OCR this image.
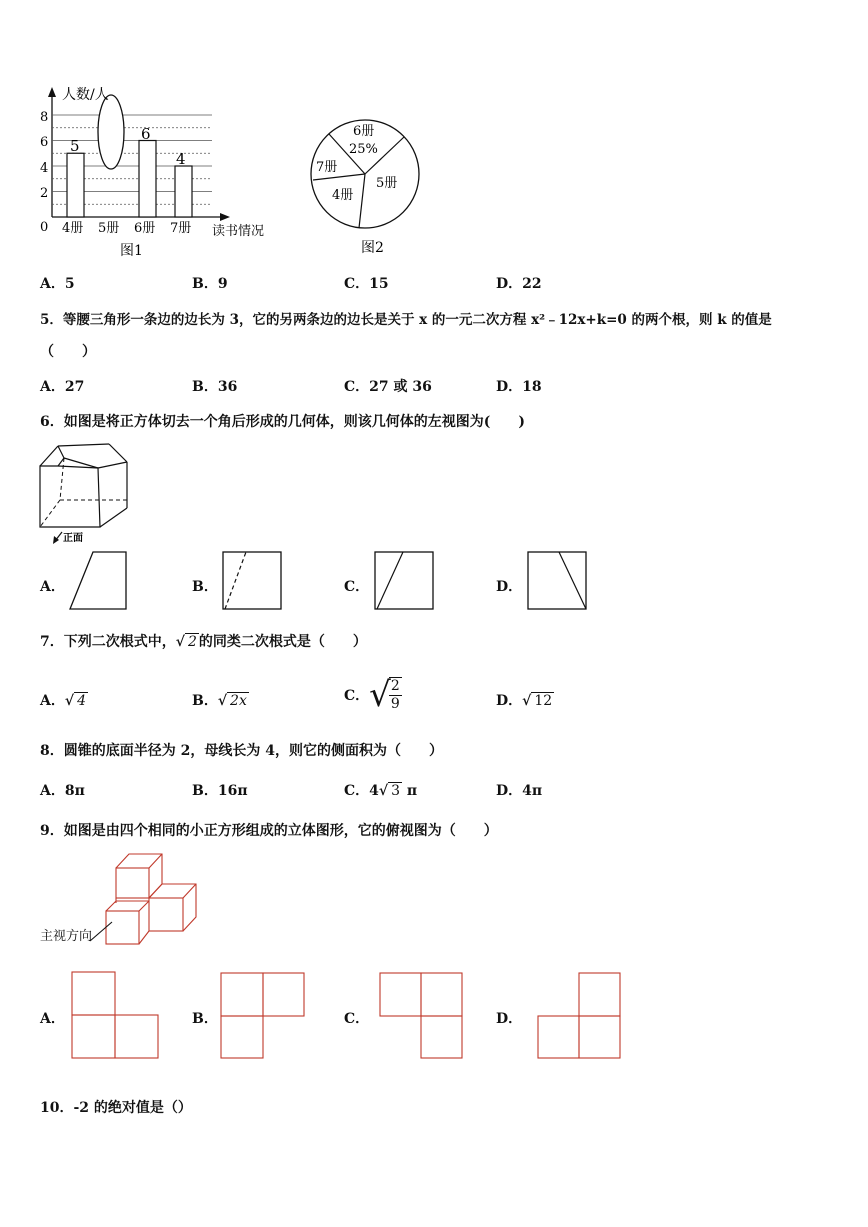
人数/人
读书情况
0
2
4
6
8
4册 5册 6册 7册
5
6
4
图1
6册
25%
5册
4册
7册
图2
A．5	B．9	C．15	D．22
5．等腰三角形一条边的边长为 3，它的另两条边的边长是关于 x 的一元二次方程 x²﹣12x+k=0 的两个根，则 k 的值是
（　　）
A．27	B．36	C．27 或 36	D．18
6．如图是将正方体切去一个角后形成的几何体，则该几何体的左视图为(　　)
正面
A．	B．	C．	D．
7．下列二次根式中，√ 2 的同类二次根式是（　　）
A．√ 4	B．√ 2x	C．√
$\frac{2}{9}$	D．√ 12
8．圆锥的底面半径为 2，母线长为 4，则它的侧面积为（　　）
A．8π	B．16π	C．4√ 3 π	D．4π
9．如图是由四个相同的小正方形组成的立体图形，它的俯视图为（　　）
主视方向
A．	B．	C．	D．
10．-2 的绝对值是（）
